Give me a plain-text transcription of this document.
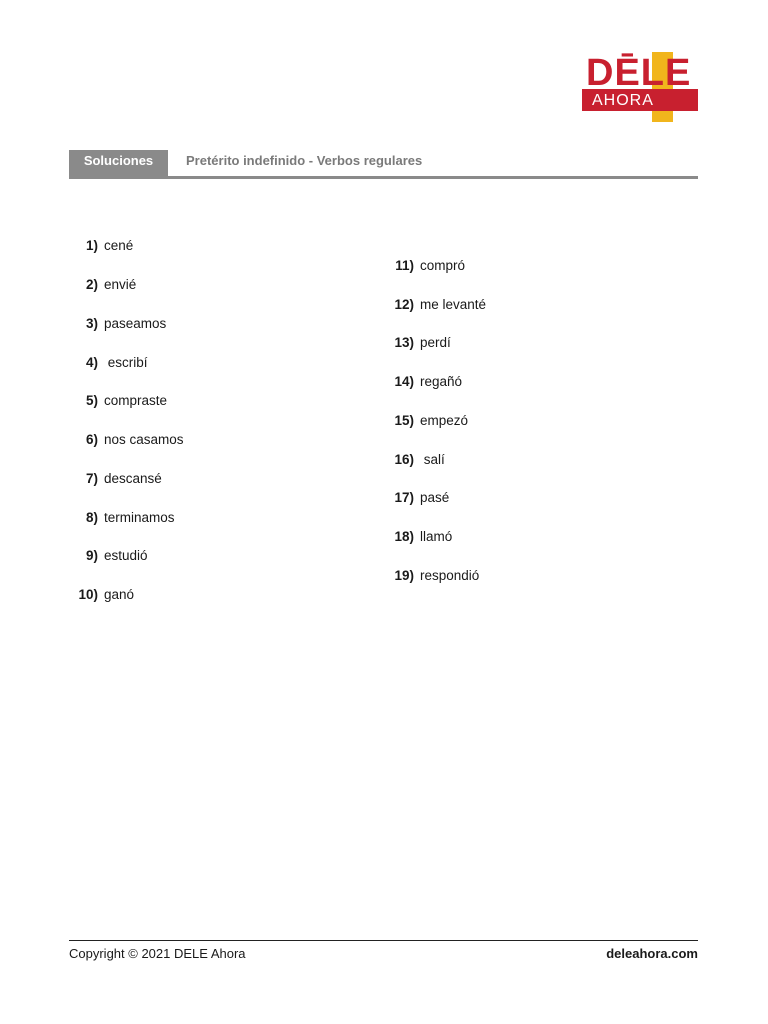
DĒLE
AHORA
Soluciones	Pretérito indefinido - Verbos regulares
1) cené
2) envié
3) paseamos
4) escribí
5) compraste
6) nos casamos
7) descansé
8) terminamos
9) estudió
10) ganó
11) compró
12) me levanté
13) perdí
14) regañó
15) empezó
16) salí
17) pasé
18) llamó
19) respondió
Copyright © 2021 DELE Ahora	deleahora.com
